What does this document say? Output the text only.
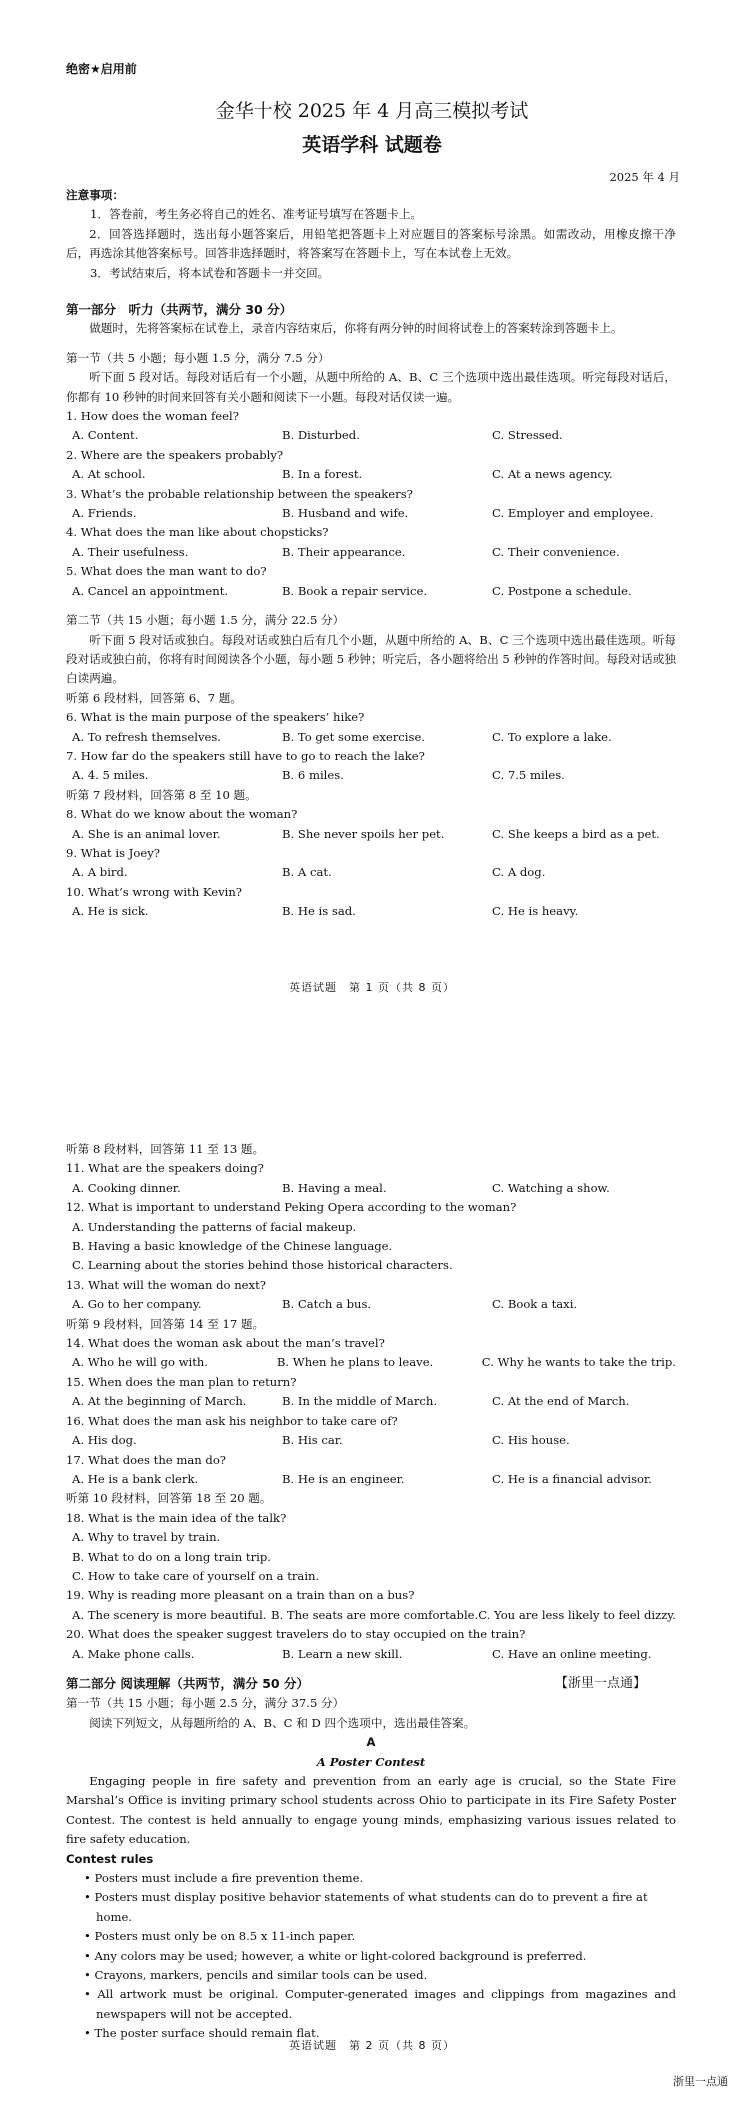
绝密★启用前
金华十校 2025 年 4 月高三模拟考试
英语学科 试题卷
2025 年 4 月
注意事项：
1．答卷前，考生务必将自己的姓名、准考证号填写在答题卡上。
2．回答选择题时，选出每小题答案后，用铅笔把答题卡上对应题目的答案标号涂黑。如需改动，用橡皮擦干净后，再选涂其他答案标号。回答非选择题时，将答案写在答题卡上，写在本试卷上无效。
3．考试结束后，将本试卷和答题卡一并交回。
第一部分　听力（共两节，满分 30 分）
做题时，先将答案标在试卷上，录音内容结束后，你将有两分钟的时间将试卷上的答案转涂到答题卡上。
第一节（共 5 小题；每小题 1.5 分，满分 7.5 分）
听下面 5 段对话。每段对话后有一个小题，从题中所给的 A、B、C 三个选项中选出最佳选项。听完每段对话后，你都有 10 秒钟的时间来回答有关小题和阅读下一小题。每段对话仅读一遍。
1. How does the woman feel?
A. Content.	B. Disturbed.	C. Stressed.
2. Where are the speakers probably?
A. At school.	B. In a forest.	C. At a news agency.
3. What’s the probable relationship between the speakers?
A. Friends.	B. Husband and wife.	C. Employer and employee.
4. What does the man like about chopsticks?
A. Their usefulness.	B. Their appearance.	C. Their convenience.
5. What does the man want to do?
A. Cancel an appointment.	B. Book a repair service.	C. Postpone a schedule.
第二节（共 15 小题；每小题 1.5 分，满分 22.5 分）
听下面 5 段对话或独白。每段对话或独白后有几个小题，从题中所给的 A、B、C 三个选项中选出最佳选项。听每段对话或独白前，你将有时间阅读各个小题，每小题 5 秒钟；听完后，各小题将给出 5 秒钟的作答时间。每段对话或独白读两遍。
听第 6 段材料，回答第 6、7 题。
6. What is the main purpose of the speakers’ hike?
A. To refresh themselves.	B. To get some exercise.	C. To explore a lake.
7. How far do the speakers still have to go to reach the lake?
A. 4. 5 miles.	B. 6 miles.	C. 7.5 miles.
听第 7 段材料，回答第 8 至 10 题。
8. What do we know about the woman?
A. She is an animal lover.	B. She never spoils her pet.	C. She keeps a bird as a pet.
9. What is Joey?
A. A bird.	B. A cat.	C. A dog.
10. What’s wrong with Kevin?
A. He is sick.	B. He is sad.	C. He is heavy.
英语试题　第 1 页（共 8 页）
听第 8 段材料，回答第 11 至 13 题。
11. What are the speakers doing?
A. Cooking dinner.	B. Having a meal.	C. Watching a show.
12. What is important to understand Peking Opera according to the woman?
A. Understanding the patterns of facial makeup.
B. Having a basic knowledge of the Chinese language.
C. Learning about the stories behind those historical characters.
13. What will the woman do next?
A. Go to her company.	B. Catch a bus.	C. Book a taxi.
听第 9 段材料，回答第 14 至 17 题。
14. What does the woman ask about the man’s travel?
A. Who he will go with.	B. When he plans to leave.	C. Why he wants to take the trip.
15. When does the man plan to return?
A. At the beginning of March.	B. In the middle of March.	C. At the end of March.
16. What does the man ask his neighbor to take care of?
A. His dog.	B. His car.	C. His house.
17. What does the man do?
A. He is a bank clerk.	B. He is an engineer.	C. He is a financial advisor.
听第 10 段材料，回答第 18 至 20 题。
18. What is the main idea of the talk?
A. Why to travel by train.
B. What to do on a long train trip.
C. How to take care of yourself on a train.
19. Why is reading more pleasant on a train than on a bus?
A. The scenery is more beautiful. B. The seats are more comfortable. C. You are less likely to feel dizzy.
20. What does the speaker suggest travelers do to stay occupied on the train?
A. Make phone calls.	B. Learn a new skill.	C. Have an online meeting.
第二部分 阅读理解（共两节，满分 50 分）	【浙里一点通】
第一节（共 15 小题；每小题 2.5 分，满分 37.5 分）
阅读下列短文，从每题所给的 A、B、C 和 D 四个选项中，选出最佳答案。
A
A Poster Contest
Engaging people in fire safety and prevention from an early age is crucial, so the State Fire Marshal’s Office is inviting primary school students across Ohio to participate in its Fire Safety Poster Contest. The contest is held annually to engage young minds, emphasizing various issues related to fire safety education.
Contest rules
• Posters must include a fire prevention theme.
• Posters must display positive behavior statements of what students can do to prevent a fire at home.
• Posters must only be on 8.5 x 11-inch paper.
• Any colors may be used; however, a white or light-colored background is preferred.
• Crayons, markers, pencils and similar tools can be used.
• All artwork must be original. Computer-generated images and clippings from magazines and newspapers will not be accepted.
• The poster surface should remain flat.
英语试题　第 2 页（共 8 页）
浙里一点通
